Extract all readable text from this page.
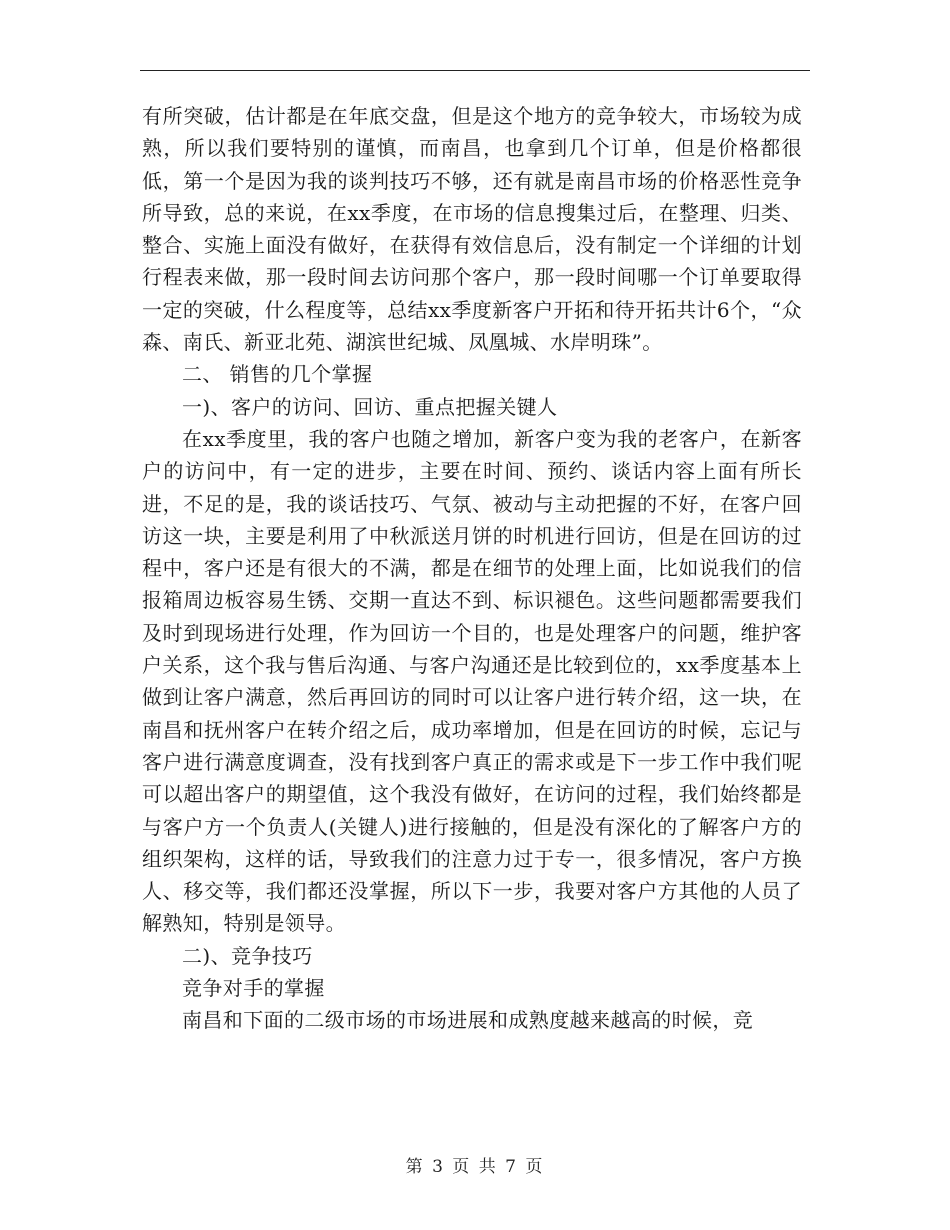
有所突破，估计都是在年底交盘，但是这个地方的竞争较大，市场较为成熟，所以我们要特别的谨慎，而南昌，也拿到几个订单，但是价格都很低，第一个是因为我的谈判技巧不够，还有就是南昌市场的价格恶性竞争所导致，总的来说，在xx季度，在市场的信息搜集过后，在整理、归类、整合、实施上面没有做好，在获得有效信息后，没有制定一个详细的计划行程表来做，那一段时间去访问那个客户，那一段时间哪一个订单要取得一定的突破，什么程度等，总结xx季度新客户开拓和待开拓共计6个，“众森、南氏、新亚北苑、湖滨世纪城、凤凰城、水岸明珠”。

二、 销售的几个掌握

一)、客户的访问、回访、重点把握关键人

在xx季度里，我的客户也随之增加，新客户变为我的老客户，在新客户的访问中，有一定的进步，主要在时间、预约、谈话内容上面有所长进，不足的是，我的谈话技巧、气氛、被动与主动把握的不好，在客户回访这一块，主要是利用了中秋派送月饼的时机进行回访，但是在回访的过程中，客户还是有很大的不满，都是在细节的处理上面，比如说我们的信报箱周边板容易生锈、交期一直达不到、标识褪色。这些问题都需要我们及时到现场进行处理，作为回访一个目的，也是处理客户的问题，维护客户关系，这个我与售后沟通、与客户沟通还是比较到位的，xx季度基本上做到让客户满意，然后再回访的同时可以让客户进行转介绍，这一块，在南昌和抚州客户在转介绍之后，成功率增加，但是在回访的时候，忘记与客户进行满意度调查，没有找到客户真正的需求或是下一步工作中我们呢可以超出客户的期望值，这个我没有做好，在访问的过程，我们始终都是与客户方一个负责人(关键人)进行接触的，但是没有深化的了解客户方的组织架构，这样的话，导致我们的注意力过于专一，很多情况，客户方换人、移交等，我们都还没掌握，所以下一步，我要对客户方其他的人员了解熟知，特别是领导。

二)、竞争技巧

竞争对手的掌握

南昌和下面的二级市场的市场进展和成熟度越来越高的时候，竞

第 3 页 共 7 页
